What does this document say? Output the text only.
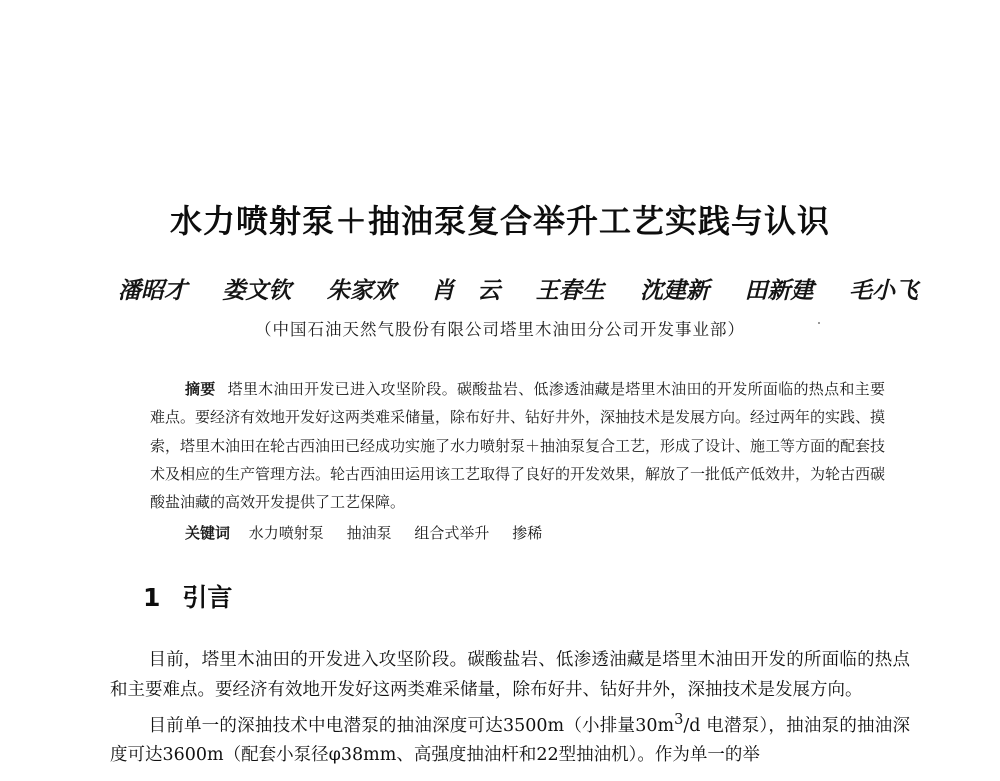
水力喷射泵＋抽油泵复合举升工艺实践与认识
潘昭才 娄文钦 朱家欢 肖　云 王春生 沈建新 田新建 毛小飞
（中国石油天然气股份有限公司塔里木油田分公司开发事业部）
摘要 塔里木油田开发已进入攻坚阶段。碳酸盐岩、低渗透油藏是塔里木油田的开发所面临的热点和主要难点。要经济有效地开发好这两类难采储量，除布好井、钻好井外，深抽技术是发展方向。经过两年的实践、摸索，塔里木油田在轮古西油田已经成功实施了水力喷射泵＋抽油泵复合工艺，形成了设计、施工等方面的配套技术及相应的生产管理方法。轮古西油田运用该工艺取得了良好的开发效果，解放了一批低产低效井，为轮古西碳酸盐油藏的高效开发提供了工艺保障。
关键词 水力喷射泵 抽油泵 组合式举升 掺稀
1 引言

目前，塔里木油田的开发进入攻坚阶段。碳酸盐岩、低渗透油藏是塔里木油田开发的所面临的热点和主要难点。要经济有效地开发好这两类难采储量，除布好井、钻好井外，深抽技术是发展方向。

目前单一的深抽技术中电潜泵的抽油深度可达3500m（小排量$30m^3/d$ 电潜泵），抽油泵的抽油深度可达3600m（配套小泵径φ38mm、高强度抽油杆和22型抽油机）。作为单一的举
